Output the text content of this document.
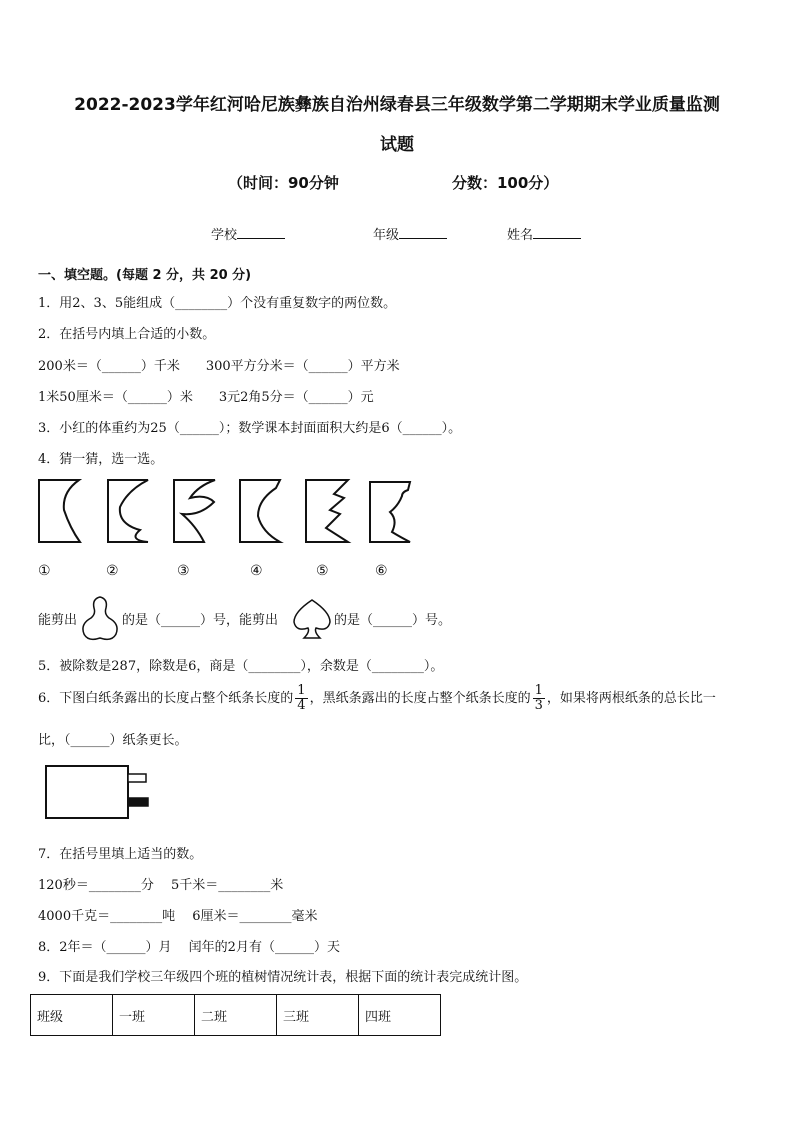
2022-2023学年红河哈尼族彝族自治州绿春县三年级数学第二学期期末学业质量监测
试题
（时间：90分钟	分数：100分）
学校	年级	姓名
一、填空题。(每题 2 分，共 20 分)
1．用2、3、5能组成（________）个没有重复数字的两位数。
2．在括号内填上合适的小数。
200米＝（______）千米　　300平方分米＝（______）平方米
1米50厘米＝（______）米　　3元2角5分＝（______）元
3．小红的体重约为25（______）；数学课本封面面积大约是6（______）。
4．猜一猜，选一选。
①	②	③	④	⑤	⑥
能剪出	的是（______）号，能剪出	的是（______）号。
5．被除数是287，除数是6，商是（________），余数是（________）。
6．下图白纸条露出的长度占整个纸条长度的 $\frac{1}{4}$ ，黑纸条露出的长度占整个纸条长度的 $\frac{1}{3}$ ，如果将两根纸条的总长比一
比，（______）纸条更长。
7．在括号里填上适当的数。
120秒＝________分　 5千米＝________米
4000千克＝________吨　 6厘米＝________毫米
8．2年＝（______）月　 闰年的2月有（______）天
9．下面是我们学校三年级四个班的植树情况统计表，根据下面的统计表完成统计图。
班级	一班	二班	三班	四班
